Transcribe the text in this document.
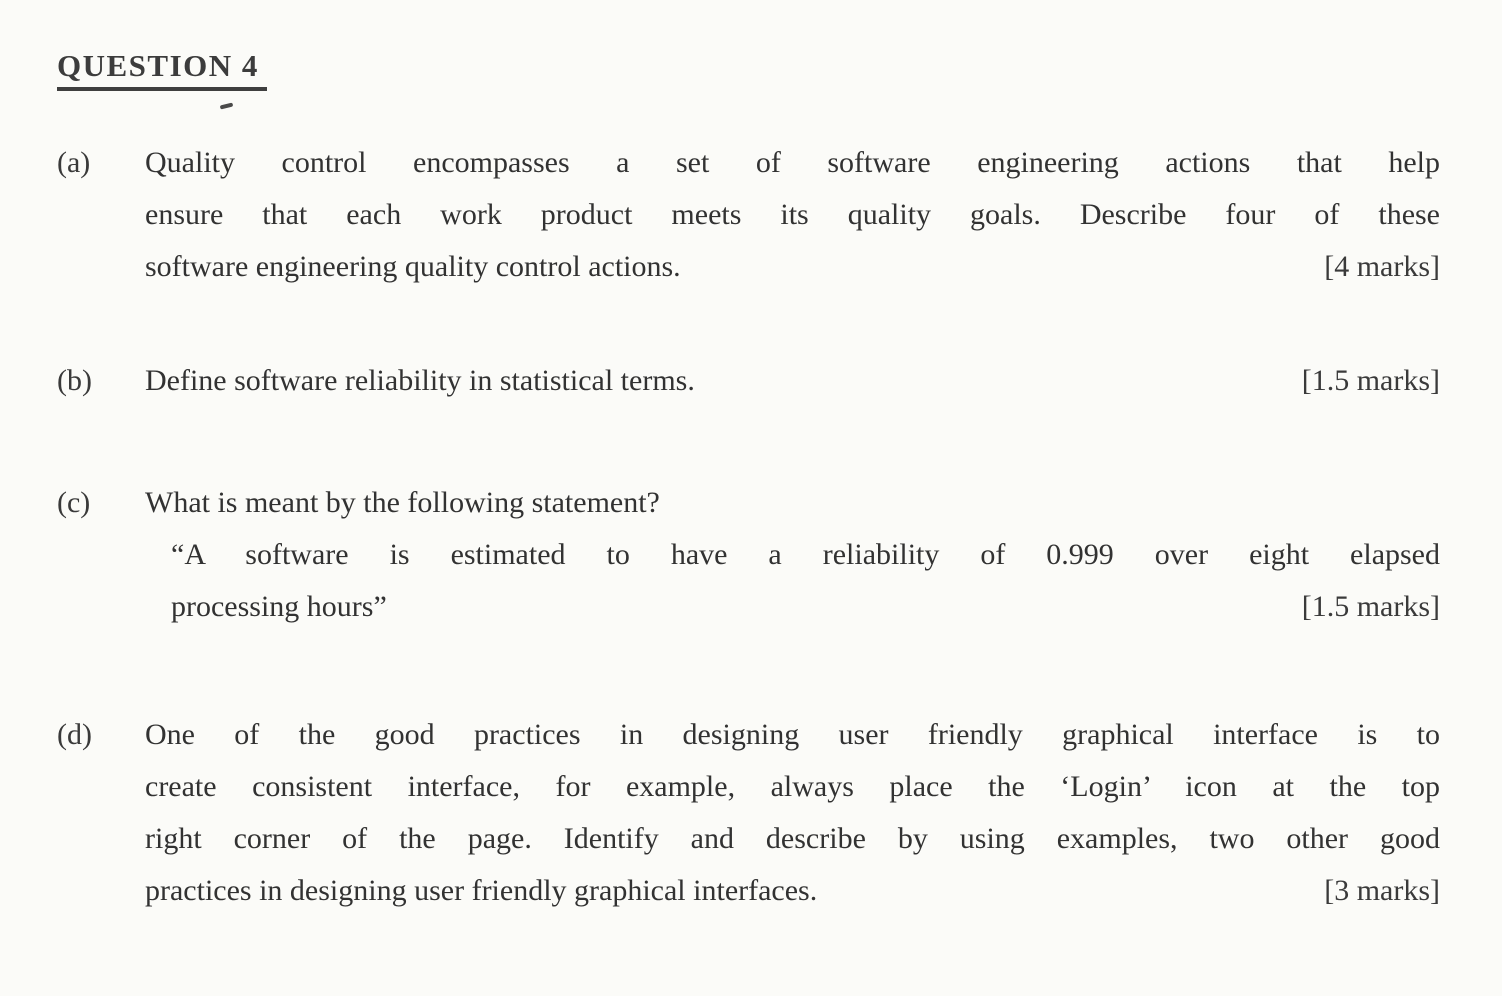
QUESTION 4
(a)	Quality control encompasses a set of software engineering actions that help
ensure that each work product meets its quality goals. Describe four of these
software engineering quality control actions.	[4 marks]
(b)	Define software reliability in statistical terms.	[1.5 marks]
(c)	What is meant by the following statement?
“A software is estimated to have a reliability of 0.999 over eight elapsed
processing hours”	[1.5 marks]
(d)	One of the good practices in designing user friendly graphical interface is to
create consistent interface, for example, always place the ‘Login’ icon at the top
right corner of the page. Identify and describe by using examples, two other good
practices in designing user friendly graphical interfaces.	[3 marks]
